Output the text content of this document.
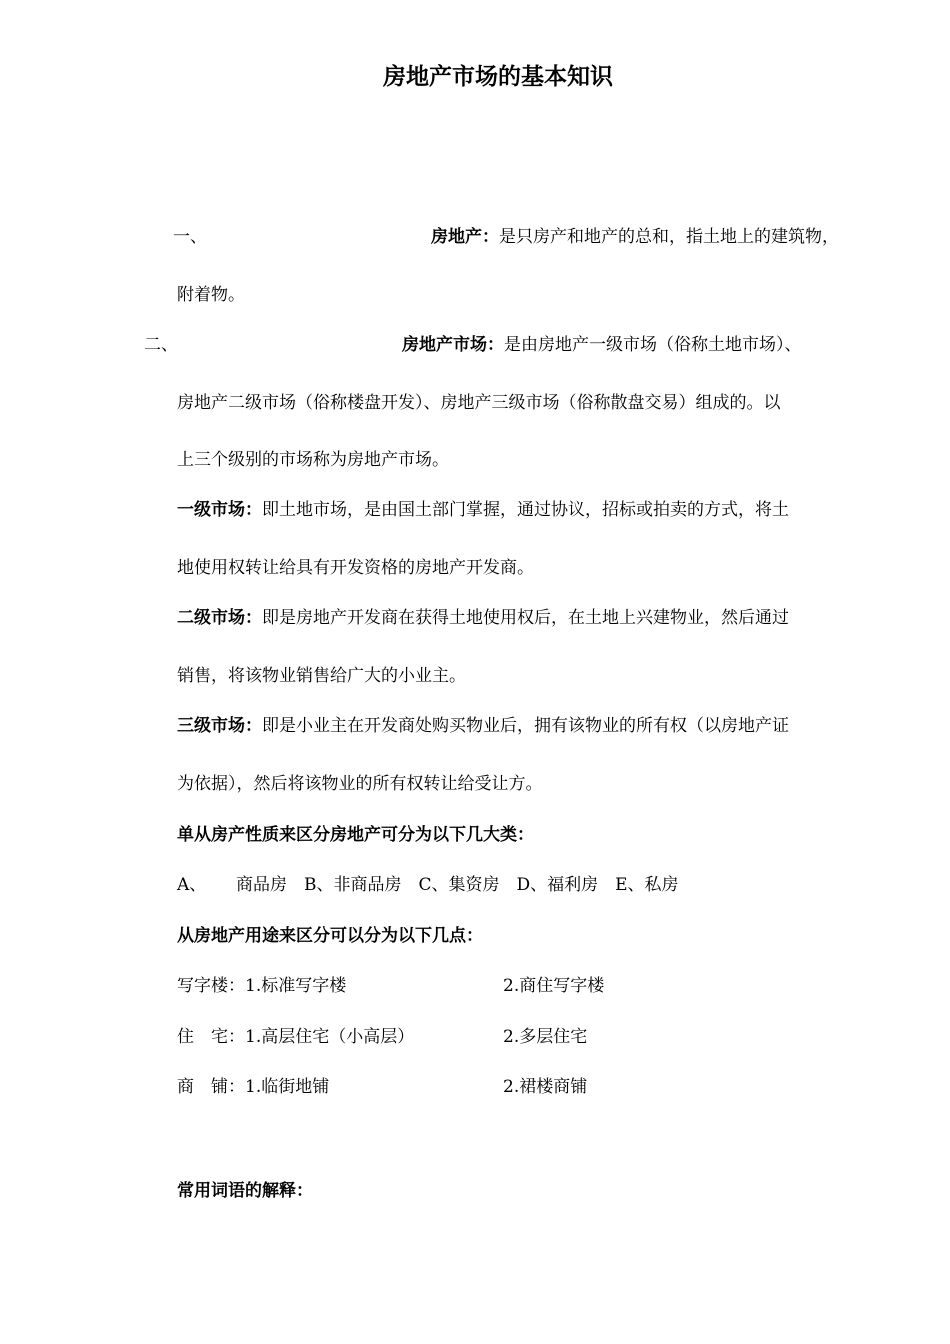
房地产市场的基本知识
一、	房地产：是只房产和地产的总和，指土地上的建筑物，
附着物。
二、	房地产市场：是由房地产一级市场（俗称土地市场）、
房地产二级市场（俗称楼盘开发）、房地产三级市场（俗称散盘交易）组成的。以
上三个级别的市场称为房地产市场。
一级市场：即土地市场，是由国土部门掌握，通过协议，招标或拍卖的方式，将土
地使用权转让给具有开发资格的房地产开发商。
二级市场：即是房地产开发商在获得土地使用权后，在土地上兴建物业，然后通过
销售，将该物业销售给广大的小业主。
三级市场：即是小业主在开发商处购买物业后，拥有该物业的所有权（以房地产证
为依据），然后将该物业的所有权转让给受让方。
单从房产性质来区分房地产可分为以下几大类：
A、 商品房　B、非商品房　C、集资房　D、福利房　E、私房
从房地产用途来区分可以分为以下几点：
写字楼：1.标准写字楼	2.商住写字楼
住　宅：1.高层住宅（小高层）	2.多层住宅
商　铺：1.临街地铺	2.裙楼商铺
常用词语的解释：
